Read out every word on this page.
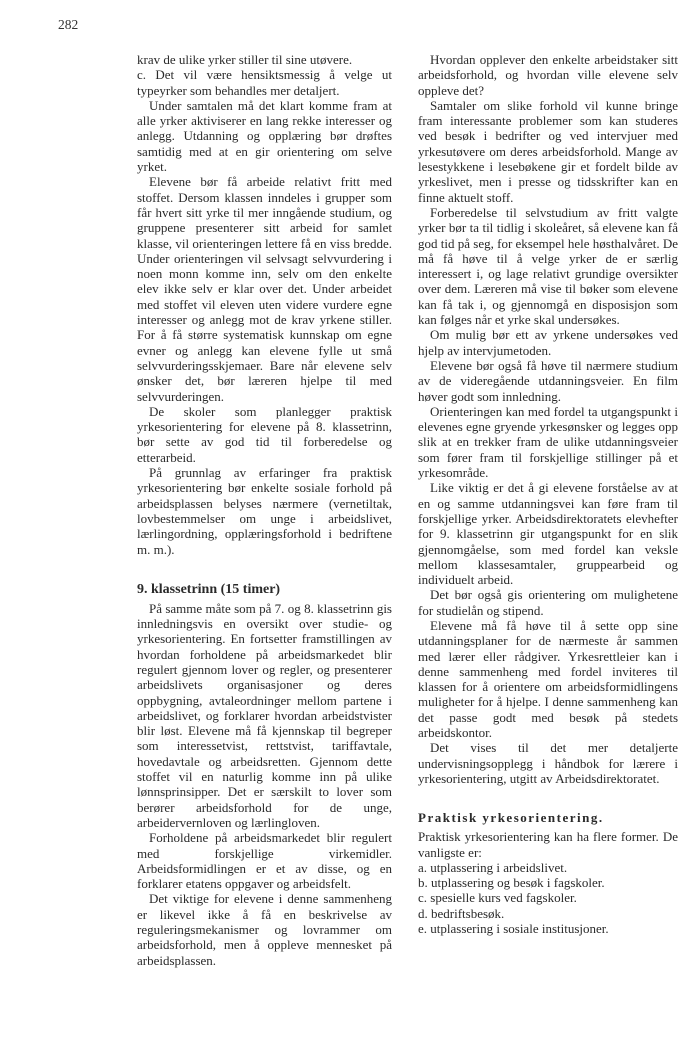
282

krav de ulike yrker stiller til sine utøvere.

c. Det vil være hensiktsmessig å velge ut typeyrker som behandles mer detaljert.

Under samtalen må det klart komme fram at alle yrker aktiviserer en lang rekke interesser og anlegg. Utdanning og opplæring bør drøftes samtidig med at en gir orientering om selve yrket.

Elevene bør få arbeide relativt fritt med stoffet. Dersom klassen inndeles i grupper som får hvert sitt yrke til mer inngående studium, og gruppene presenterer sitt arbeid for samlet klasse, vil orienteringen lettere få en viss bredde. Under orienteringen vil selvsagt selvvurdering i noen monn komme inn, selv om den enkelte elev ikke selv er klar over det. Under arbeidet med stoffet vil eleven uten videre vurdere egne interesser og anlegg mot de krav yrkene stiller. For å få større systematisk kunnskap om egne evner og anlegg kan elevene fylle ut små selvvurderingsskjemaer. Bare når elevene selv ønsker det, bør læreren hjelpe til med selvvurderingen.

De skoler som planlegger praktisk yrkesorientering for elevene på 8. klassetrinn, bør sette av god tid til forberedelse og etterarbeid.

På grunnlag av erfaringer fra praktisk yrkesorientering bør enkelte sosiale forhold på arbeidsplassen belyses nærmere (vernetiltak, lovbestemmelser om unge i arbeidslivet, lærlingordning, opplæringsforhold i bedriftene m. m.).

9. klassetrinn (15 timer)

På samme måte som på 7. og 8. klassetrinn gis innledningsvis en oversikt over studie- og yrkesorientering. En fortsetter framstillingen av hvordan forholdene på arbeidsmarkedet blir regulert gjennom lover og regler, og presenterer arbeidslivets organisasjoner og deres oppbygning, avtaleordninger mellom partene i arbeidslivet, og forklarer hvordan arbeidstvister blir løst. Elevene må få kjennskap til begreper som interessetvist, rettstvist, tariffavtale, hovedavtale og arbeidsretten. Gjennom dette stoffet vil en naturlig komme inn på ulike lønnsprinsipper. Det er særskilt to lover som berører arbeidsforhold for de unge, arbeidervernloven og lærlingloven.

Forholdene på arbeidsmarkedet blir regulert med forskjellige virkemidler. Arbeidsformidlingen er et av disse, og en forklarer etatens oppgaver og arbeidsfelt.

Det viktige for elevene i denne sammenheng er likevel ikke å få en beskrivelse av reguleringsmekanismer og lovrammer om arbeidsforhold, men å oppleve mennesket på arbeidsplassen.

Hvordan opplever den enkelte arbeidstaker sitt arbeidsforhold, og hvordan ville elevene selv oppleve det?

Samtaler om slike forhold vil kunne bringe fram interessante problemer som kan studeres ved besøk i bedrifter og ved intervjuer med yrkesutøvere om deres arbeidsforhold. Mange av lesestykkene i lesebøkene gir et fordelt bilde av yrkeslivet, men i presse og tidsskrifter kan en finne aktuelt stoff.

Forberedelse til selvstudium av fritt valgte yrker bør ta til tidlig i skoleåret, så elevene kan få god tid på seg, for eksempel hele høsthalvåret. De må få høve til å velge yrker de er særlig interessert i, og lage relativt grundige oversikter over dem. Læreren må vise til bøker som elevene kan få tak i, og gjennomgå en disposisjon som kan følges når et yrke skal undersøkes.

Om mulig bør ett av yrkene undersøkes ved hjelp av intervjumetoden.

Elevene bør også få høve til nærmere studium av de videregående utdanningsveier. En film høver godt som innledning.

Orienteringen kan med fordel ta utgangspunkt i elevenes egne gryende yrkesønsker og legges opp slik at en trekker fram de ulike utdanningsveier som fører fram til forskjellige stillinger på et yrkesområde.

Like viktig er det å gi elevene forståelse av at en og samme utdanningsvei kan føre fram til forskjellige yrker. Arbeidsdirektoratets elevhefter for 9. klassetrinn gir utgangspunkt for en slik gjennomgåelse, som med fordel kan veksle mellom klassesamtaler, gruppearbeid og individuelt arbeid.

Det bør også gis orientering om mulighetene for studielån og stipend.

Elevene må få høve til å sette opp sine utdanningsplaner for de nærmeste år sammen med lærer eller rådgiver. Yrkesrettleier kan i denne sammenheng med fordel inviteres til klassen for å orientere om arbeidsformidlingens muligheter for å hjelpe. I denne sammenheng kan det passe godt med besøk på stedets arbeidskontor.

Det vises til det mer detaljerte undervisningsopplegg i håndbok for lærere i yrkesorientering, utgitt av Arbeidsdirektoratet.

Praktisk yrkesorientering.

Praktisk yrkesorientering kan ha flere former. De vanligste er:

a. utplassering i arbeidslivet.
b. utplassering og besøk i fagskoler.
c. spesielle kurs ved fagskoler.
d. bedriftsbesøk.
e. utplassering i sosiale institusjoner.
